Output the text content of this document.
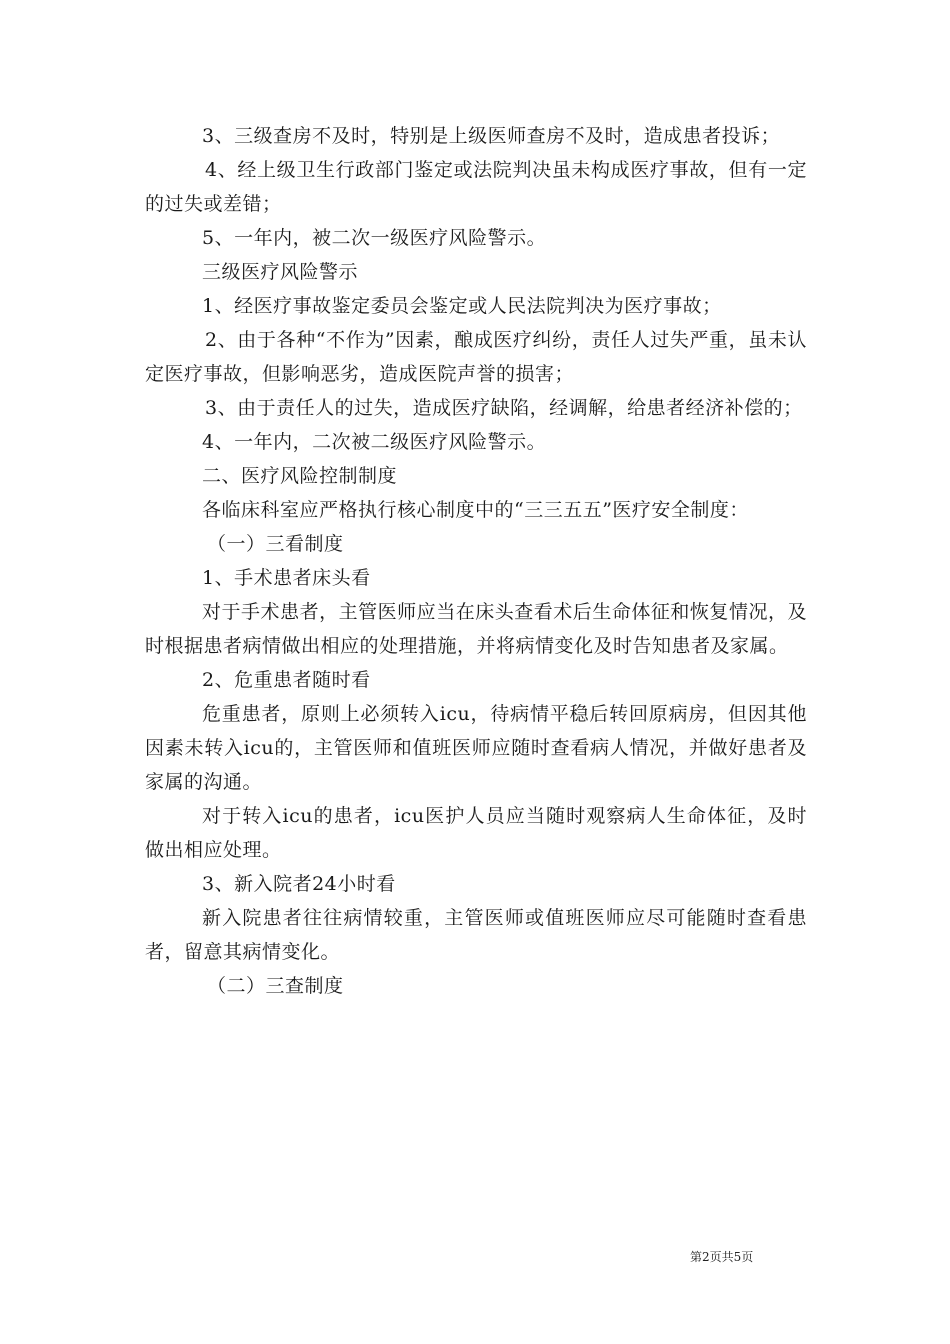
3、三级查房不及时，特别是上级医师查房不及时，造成患者投诉；

4、经上级卫生行政部门鉴定或法院判决虽未构成医疗事故，但有一定的过失或差错；

5、一年内，被二次一级医疗风险警示。

三级医疗风险警示

1、经医疗事故鉴定委员会鉴定或人民法院判决为医疗事故；

2、由于各种“不作为”因素，酿成医疗纠纷，责任人过失严重，虽未认定医疗事故，但影响恶劣，造成医院声誉的损害；

3、由于责任人的过失，造成医疗缺陷，经调解，给患者经济补偿的；

4、一年内，二次被二级医疗风险警示。

二、医疗风险控制制度

各临床科室应严格执行核心制度中的“三三五五”医疗安全制度：

（一）三看制度

1、手术患者床头看

对于手术患者，主管医师应当在床头查看术后生命体征和恢复情况，及时根据患者病情做出相应的处理措施，并将病情变化及时告知患者及家属。

2、危重患者随时看

危重患者，原则上必须转入icu，待病情平稳后转回原病房，但因其他因素未转入icu的，主管医师和值班医师应随时查看病人情况，并做好患者及家属的沟通。

对于转入icu的患者，icu医护人员应当随时观察病人生命体征，及时做出相应处理。

3、新入院者24小时看

新入院患者往往病情较重，主管医师或值班医师应尽可能随时查看患者，留意其病情变化。

（二）三查制度

第2页共5页
